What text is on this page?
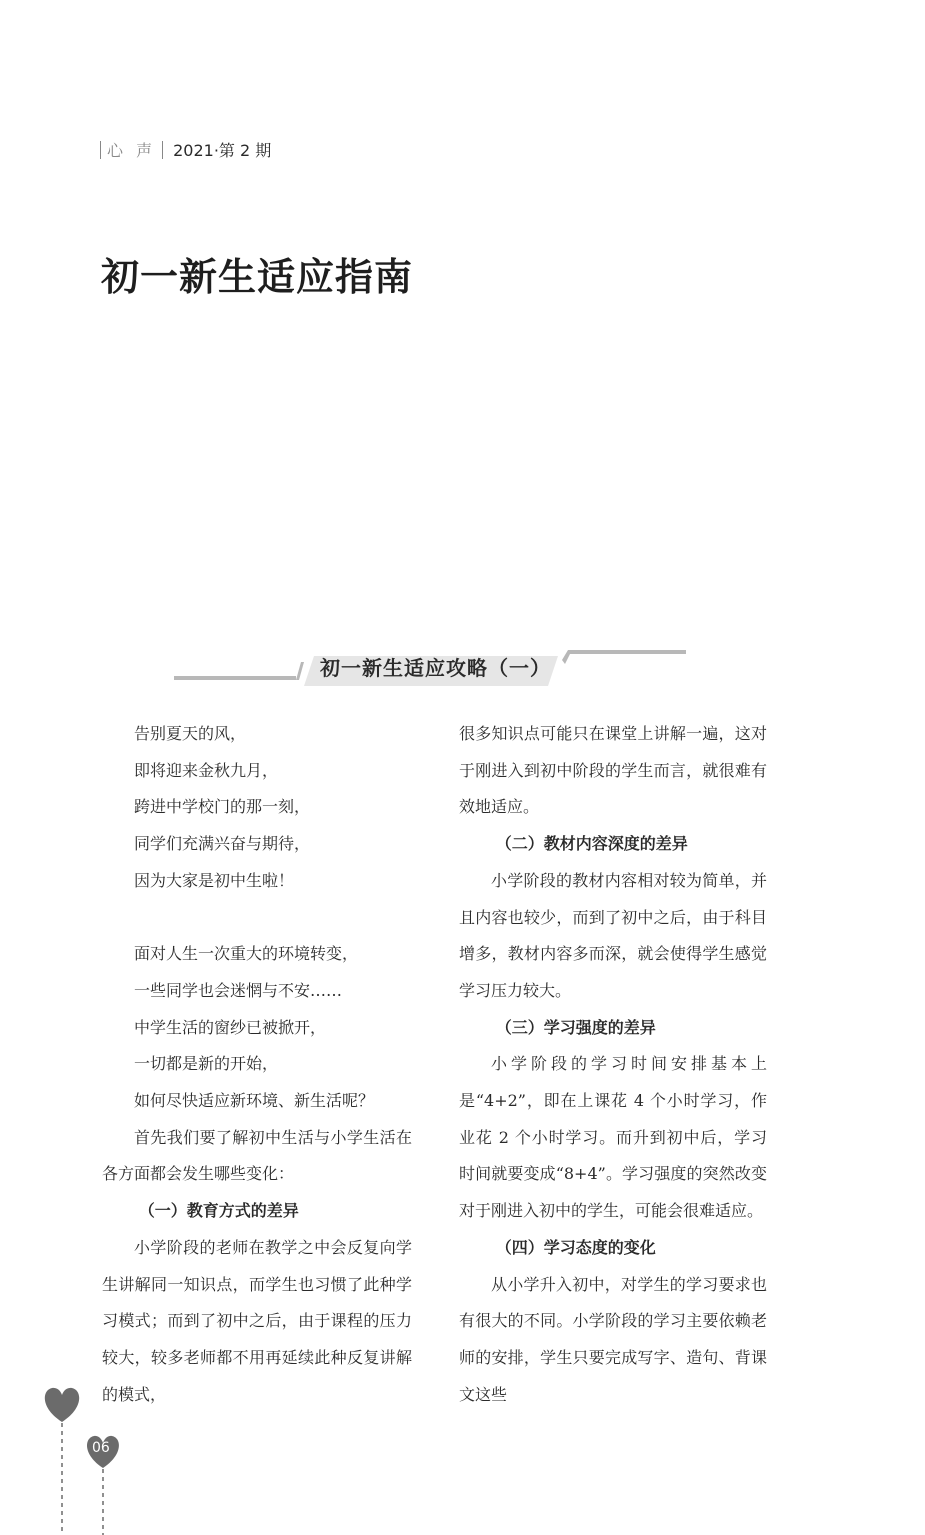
心 声 2021·第 2 期
初一新生适应指南
初一新生适应攻略（一）

告别夏天的风，

即将迎来金秋九月，

跨进中学校门的那一刻，

同学们充满兴奋与期待，

因为大家是初中生啦！

面对人生一次重大的环境转变，

一些同学也会迷惘与不安……

中学生活的窗纱已被掀开，

一切都是新的开始，

如何尽快适应新环境、新生活呢？

首先我们要了解初中生活与小学生活在各方面都会发生哪些变化：

（一）教育方式的差异

小学阶段的老师在教学之中会反复向学生讲解同一知识点，而学生也习惯了此种学习模式；而到了初中之后，由于课程的压力较大，较多老师都不用再延续此种反复讲解的模式，

很多知识点可能只在课堂上讲解一遍，这对于刚进入到初中阶段的学生而言，就很难有效地适应。

（二）教材内容深度的差异

小学阶段的教材内容相对较为简单，并且内容也较少，而到了初中之后，由于科目增多，教材内容多而深，就会使得学生感觉学习压力较大。

（三）学习强度的差异

小学阶段的学习时间安排基本上是“4+2”，即在上课花 4 个小时学习，作业花 2 个小时学习。而升到初中后，学习时间就要变成“8+4”。学习强度的突然改变对于刚进入初中的学生，可能会很难适应。

（四）学习态度的变化

从小学升入初中，对学生的学习要求也有很大的不同。小学阶段的学习主要依赖老师的安排，学生只要完成写字、造句、背课文这些

06
